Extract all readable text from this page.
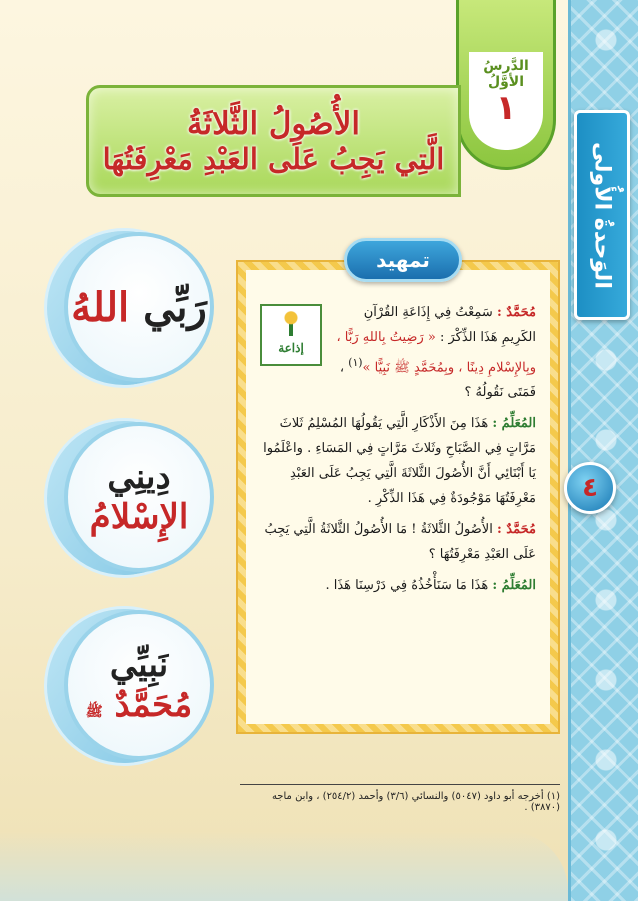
الوَحدةُ الأُولى
٤
الدَّرسُ
الأوَّلُ
١
الأُصُولُ الثَّلاثَةُ
الَّتِي يَجِبُ عَلَى العَبْدِ مَعْرِفَتُهَا
رَبِّي اللهُ
دِينِي
الإِسْلامُ
نَبِيِّي
مُحَمَّدٌ ﷺ
إذاعة
مُحَمَّدٌ : سَمِعْتُ فِي إِذَاعَةِ القُرْآنِ الكَرِيمِ هَذَا الذِّكْرَ : « رَضِيتُ بِاللهِ رَبًّا ، وبِالإِسْلامِ دِينًا ، وبِمُحَمَّدٍ ﷺ نَبِيًّا »$^{(١)}$ ، فَمَتَى نَقُولُهُ ؟
المُعَلِّمُ : هَذَا مِنَ الأَذْكَارِ الَّتِي يَقُولُهَا المُسْلِمُ ثَلاثَ مَرَّاتٍ فِي الصَّبَاحِ وثَلاثَ مَرَّاتٍ فِي المَسَاءِ . واعْلَمُوا يَا أَبْنَائِي أَنَّ الأُصُولَ الثَّلاثَةَ الَّتِي يَجِبُ عَلَى العَبْدِ مَعْرِفَتُهَا مَوْجُودَةٌ فِي هَذَا الذِّكْرِ .
مُحَمَّدٌ : الأُصُولُ الثَّلاثَةُ ! مَا الأُصُولُ الثَّلاثَةُ الَّتِي يَجِبُ عَلَى العَبْدِ مَعْرِفَتُهَا ؟
المُعَلِّمُ : هَذَا مَا سَنَأْخُذُهُ فِي دَرْسِنَا هَذَا .
تمهيد
(١) أخرجه أبو داود (٥٠٤٧) والنسائي (٣/٦) وأحمد (٢٥٤/٢) ، وابن ماجه (٣٨٧٠) .
